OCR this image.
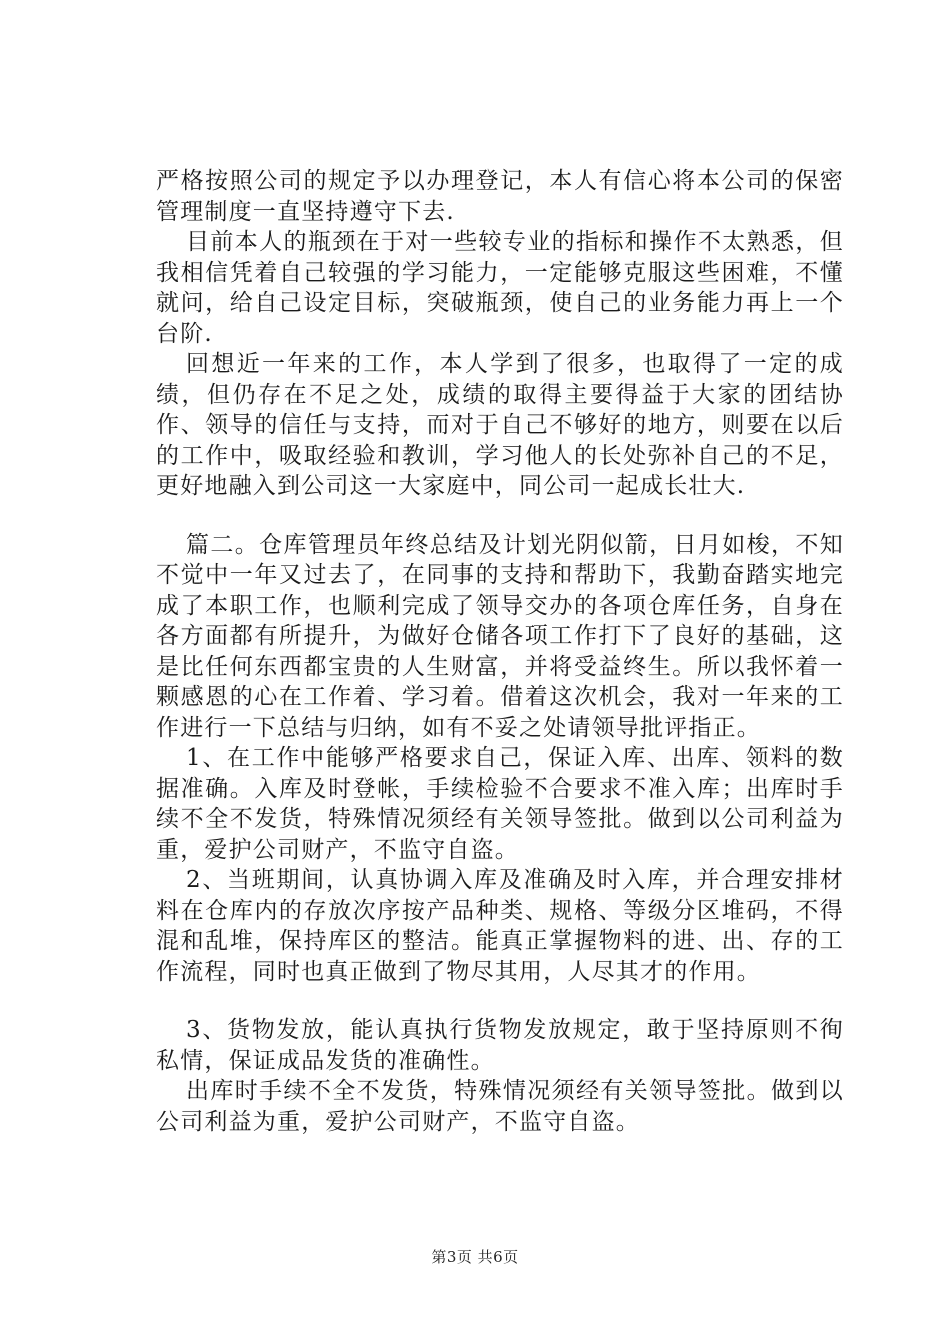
严格按照公司的规定予以办理登记，本人有信心将本公司的保密管理制度一直坚持遵守下去.

目前本人的瓶颈在于对一些较专业的指标和操作不太熟悉，但我相信凭着自己较强的学习能力，一定能够克服这些困难，不懂就问，给自己设定目标，突破瓶颈，使自己的业务能力再上一个台阶.

回想近一年来的工作，本人学到了很多，也取得了一定的成绩，但仍存在不足之处，成绩的取得主要得益于大家的团结协作、领导的信任与支持，而对于自己不够好的地方，则要在以后的工作中，吸取经验和教训，学习他人的长处弥补自己的不足，更好地融入到公司这一大家庭中，同公司一起成长壮大.

篇二。仓库管理员年终总结及计划光阴似箭，日月如梭，不知不觉中一年又过去了，在同事的支持和帮助下，我勤奋踏实地完成了本职工作，也顺利完成了领导交办的各项仓库任务，自身在各方面都有所提升，为做好仓储各项工作打下了良好的基础，这是比任何东西都宝贵的人生财富，并将受益终生。所以我怀着一颗感恩的心在工作着、学习着。借着这次机会，我对一年来的工作进行一下总结与归纳，如有不妥之处请领导批评指正。

1、在工作中能够严格要求自己，保证入库、出库、领料的数据准确。入库及时登帐，手续检验不合要求不准入库；出库时手续不全不发货，特殊情况须经有关领导签批。做到以公司利益为重，爱护公司财产，不监守自盗。

2、当班期间，认真协调入库及准确及时入库，并合理安排材料在仓库内的存放次序按产品种类、规格、等级分区堆码，不得混和乱堆，保持库区的整洁。能真正掌握物料的进、出、存的工作流程，同时也真正做到了物尽其用，人尽其才的作用。

3、货物发放，能认真执行货物发放规定，敢于坚持原则不徇私情，保证成品发货的准确性。

出库时手续不全不发货，特殊情况须经有关领导签批。做到以公司利益为重，爱护公司财产，不监守自盗。

第3页 共6页
